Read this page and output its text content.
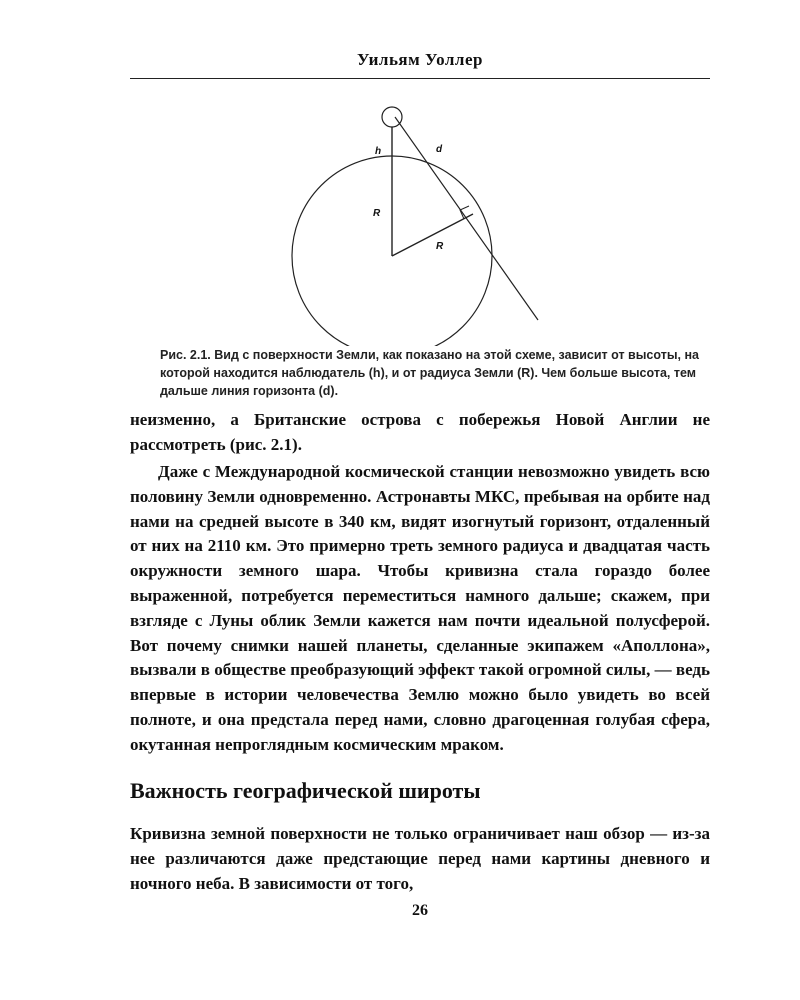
Уильям Уоллер
h	d
R
R
Рис. 2.1. Вид с поверхности Земли, как показано на этой схеме, зависит от высоты, на которой находится наблюдатель (h), и от радиуса Земли (R). Чем больше высота, тем дальше линия горизонта (d).
неизменно, а Британские острова с побережья Новой Англии не рассмотреть (рис. 2.1).
Даже с Международной космической станции невозможно увидеть всю половину Земли одновременно. Астронавты МКС, пребывая на орбите над нами на средней высоте в 340 км, видят изогнутый горизонт, отдаленный от них на 2110 км. Это примерно треть земного радиуса и двадцатая часть окружности земного шара. Чтобы кривизна стала гораздо более выраженной, потребуется переместиться намного дальше; скажем, при взгляде с Луны облик Земли кажется нам почти идеальной полусферой. Вот почему снимки нашей планеты, сделанные экипажем «Аполлона», вызвали в обществе преобразующий эффект такой огромной силы, — ведь впервые в истории человечества Землю можно было увидеть во всей полноте, и она предстала перед нами, словно драгоценная голубая сфера, окутанная непроглядным космическим мраком.
Важность географической широты
Кривизна земной поверхности не только ограничивает наш обзор — из-за нее различаются даже предстающие перед нами картины дневного и ночного неба. В зависимости от того,
26
